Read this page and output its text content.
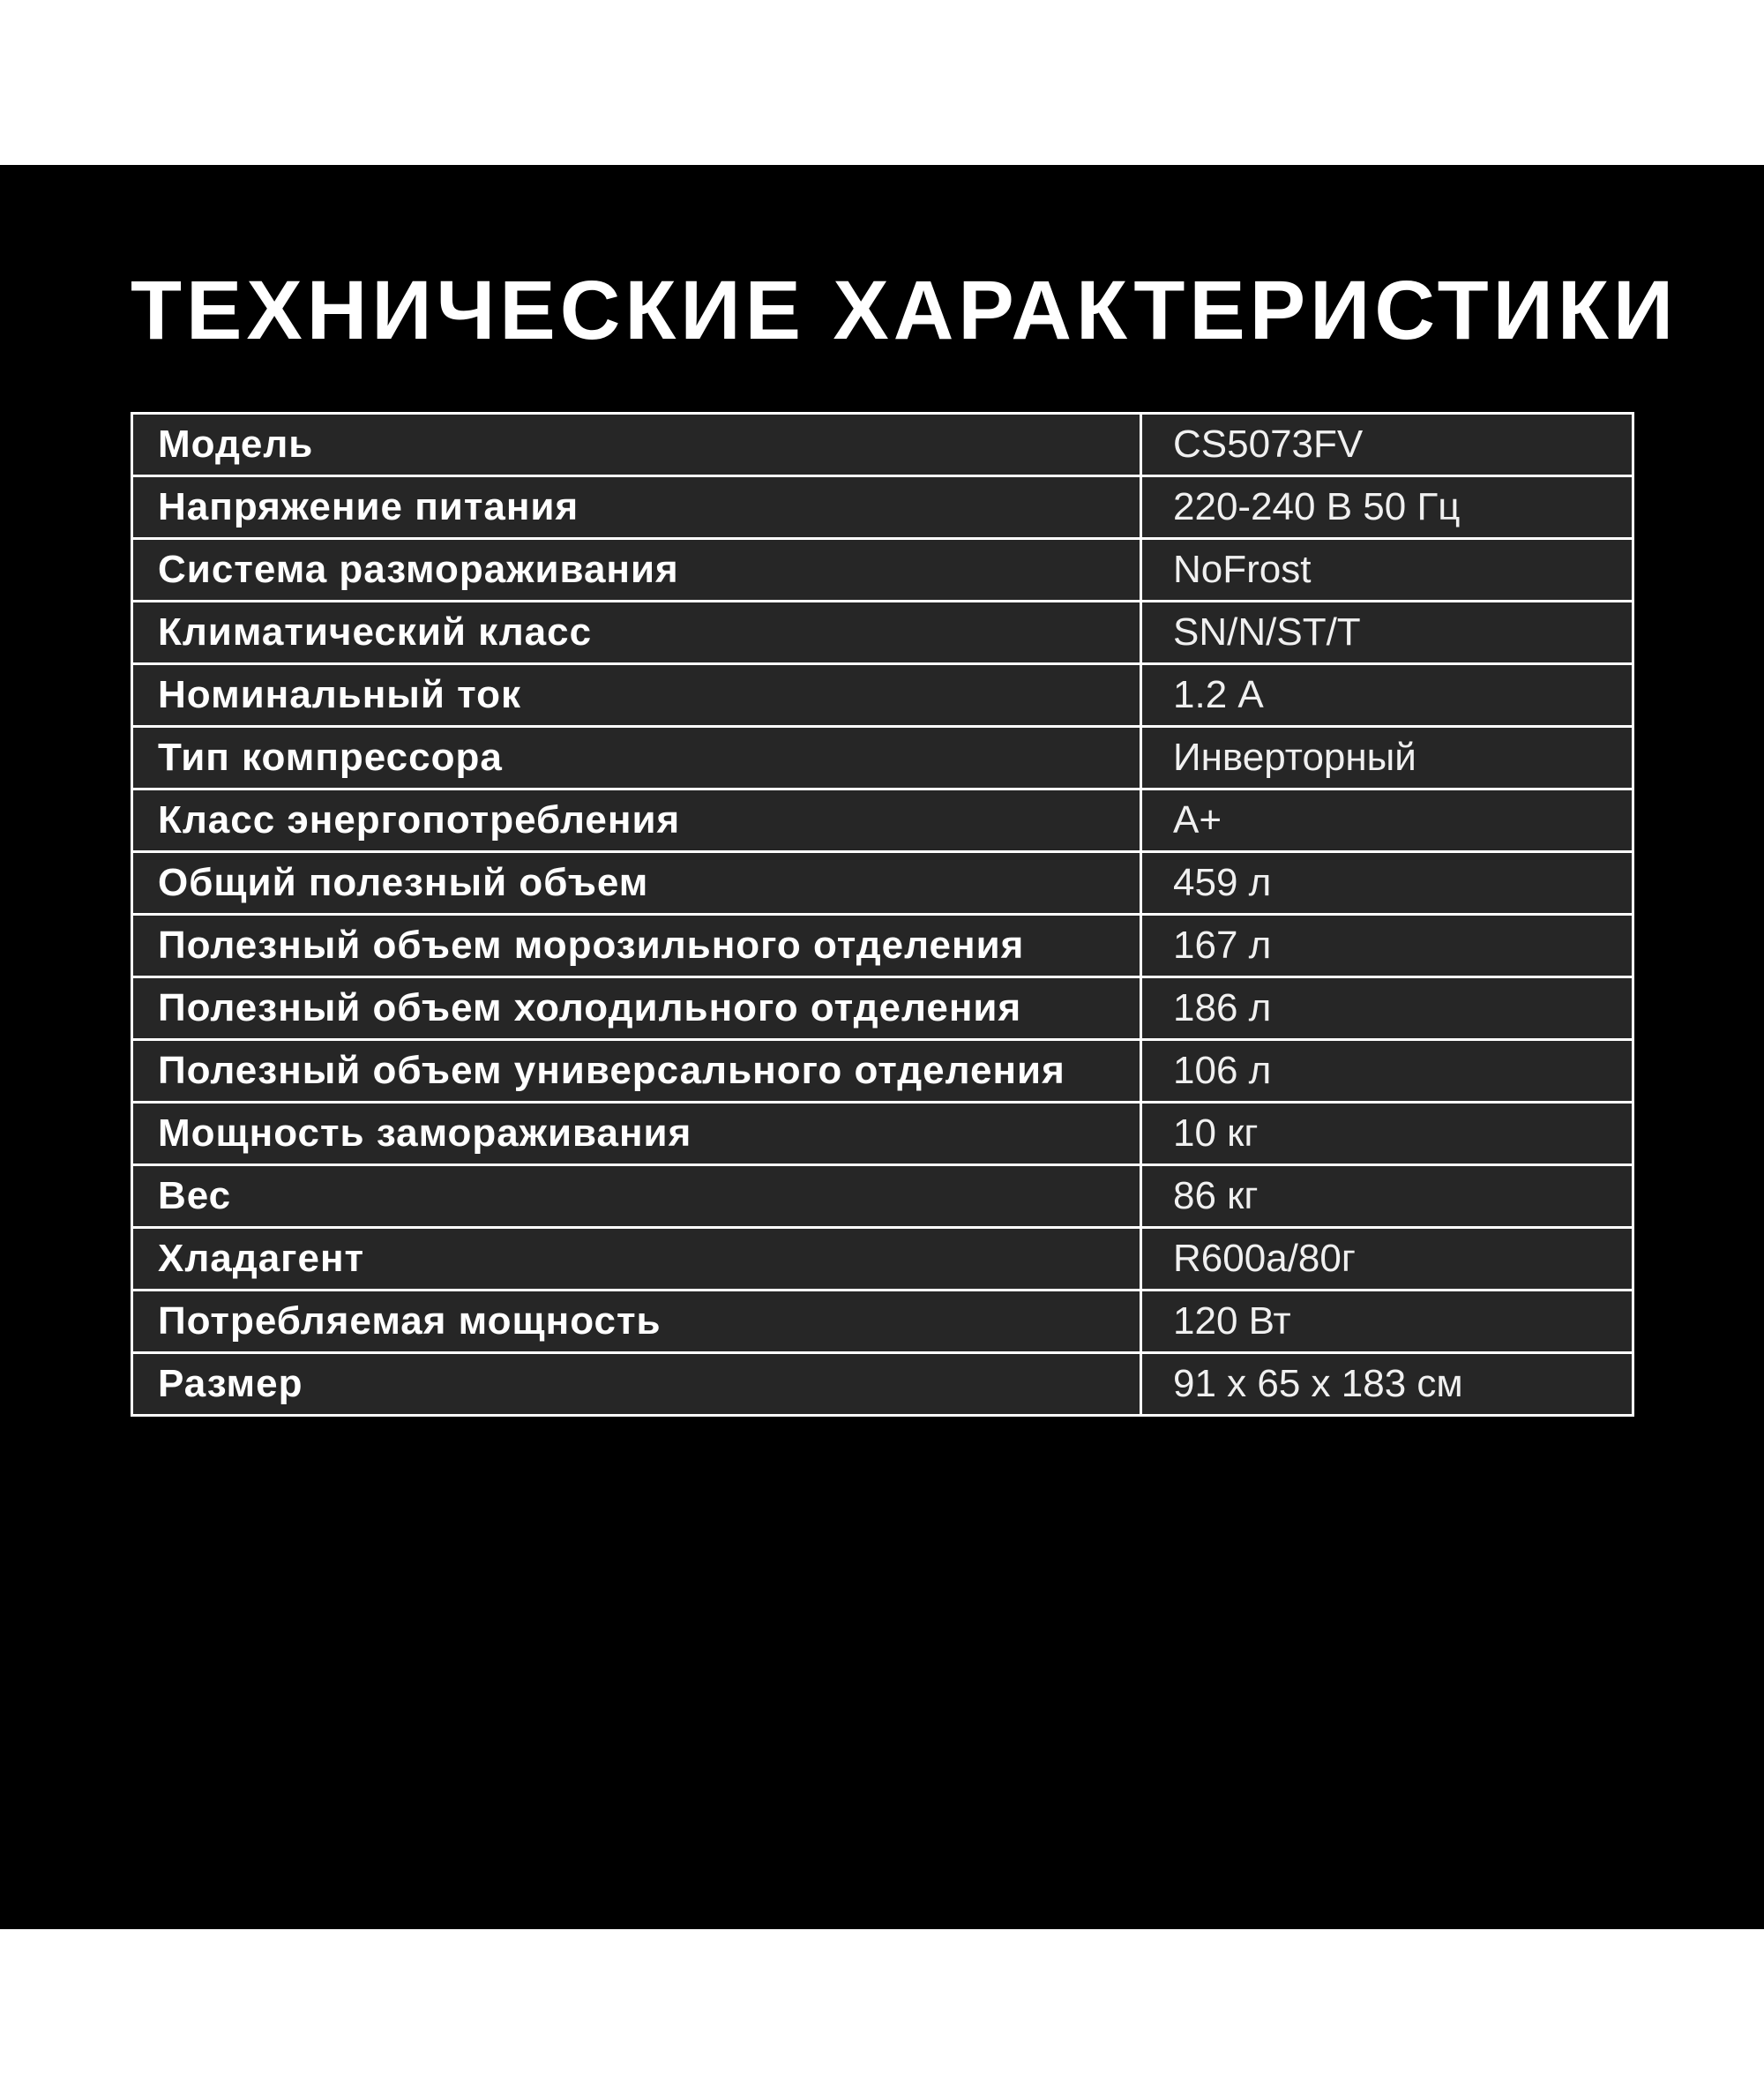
ТЕХНИЧЕСКИЕ ХАРАКТЕРИСТИКИ
Модель	CS5073FV
Напряжение питания	220-240 В 50 Гц
Система размораживания	NoFrost
Климатический класс	SN/N/ST/T
Номинальный ток	1.2 А
Тип компрессора	Инверторный
Класс энергопотребления	А+
Общий полезный объем	459 л
Полезный объем морозильного отделения	167 л
Полезный объем холодильного отделения	186 л
Полезный объем универсального отделения	106 л
Мощность замораживания	10 кг
Вес	86 кг
Хладагент	R600a/80г
Потребляемая мощность	120 Вт
Размер	91 х 65 х 183 см
